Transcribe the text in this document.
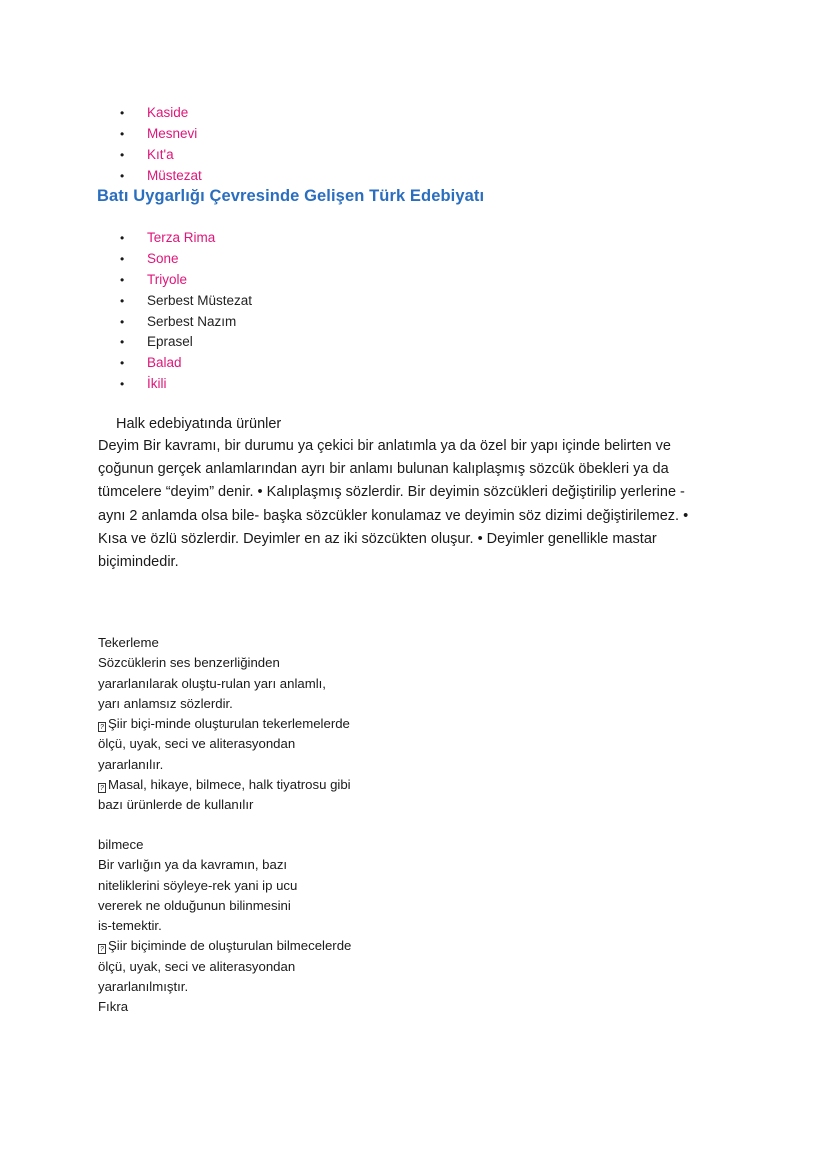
• Kaside
• Mesnevi
• Kıt'a
• Müstezat
Batı Uygarlığı Çevresinde Gelişen Türk Edebiyatı
• Terza Rima
• Sone
• Triyole
• Serbest Müstezat
• Serbest Nazım
• Eprasel
• Balad
• İkili

Halk edebiyatında ürünler

Deyim Bir kavramı, bir durumu ya çekici bir anlatımla ya da özel bir yapı içinde belirten ve
çoğunun gerçek anlamlarından ayrı bir anlamı bulunan kalıplaşmış sözcük öbekleri ya da
tümcelere “deyim” denir. • Kalıplaşmış sözlerdir. Bir deyimin sözcükleri değiştirilip yerlerine -
aynı 2 anlamda olsa bile- başka sözcükler konulamaz ve deyimin söz dizimi değiştirilemez. •
Kısa ve özlü sözlerdir. Deyimler en az iki sözcükten oluşur. • Deyimler genellikle mastar
biçimindedir.

Tekerleme
Sözcüklerin ses benzerliğinden
yararlanılarak oluştu-rulan yarı anlamlı,
yarı anlamsız sözlerdir.
? Şiir biçi-minde oluşturulan tekerlemelerde
ölçü, uyak, seci ve aliterasyondan
yararlanılır.
? Masal, hikaye, bilmece, halk tiyatrosu gibi
bazı ürünlerde de kullanılır
bilmece
Bir varlığın ya da kavramın, bazı
niteliklerini söyleye-rek yani ip ucu
vererek ne olduğunun bilinmesini
is-temektir.
? Şiir biçiminde de oluşturulan bilmecelerde
ölçü, uyak, seci ve aliterasyondan
yararlanılmıştır.
Fıkra
